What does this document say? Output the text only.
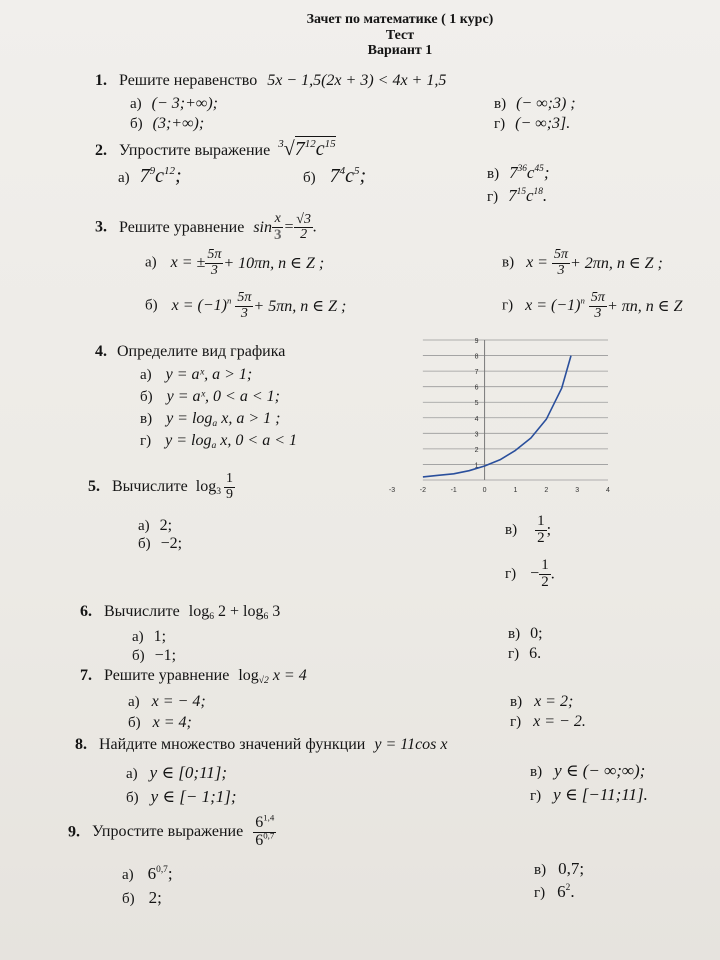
Зачет по математике ( 1 курс)
Тест
Вариант 1
1. Решите неравенство 5x − 1,5(2x + 3) < 4x + 1,5
а) (− 3;+∞);
б) (3;+∞);
в) (− ∞;3) ;
г) (− ∞;3].
2. Упростите выражение $^3√7^{12}c^{15}$
а) $7^9c^{12}$;	б) $7^4c^5$;	в) $7^{36}c^{45}$;
г) $7^{15}c^{18}$.
3. Решите уравнение $\sin \frac{x}{3} = \frac{√3}{2}$ .
а) x = ± $\frac{5\pi}{3} + 10\pi n$, n ∈ Z ;
б) $x = (-1)^n \frac{5\pi}{3} + 5\pi n$, n ∈ Z ;
в) $x = \frac{5\pi}{3} + 2\pi n$, n ∈ Z ;
г) $x = (-1)^n \frac{5\pi}{3} + \pi n$, n ∈ Z
4. Определите вид графика
а) y = aˣ, a > 1;
б) y = aˣ, 0 < a < 1;
в) $y = \log_a x$, a > 1 ;
г) $y = \log_a x$, 0 < a < 1
1
2
3
4
5
6
7
8
9
-3	-2	-1	0	1	2	3	4
5. Вычислите $\log_3 \frac{1}{9}$
а) 2;
б) −2;
$в) \frac{1}{2}$ ;
$г) - \frac{1}{2}$ .
6. Вычислите $\log_6 2 + \log_6 3$
а) 1;
б) −1;
в) 0;
г) 6.
7. Решите уравнение $\log_{√2} x = 4$
а) x = − 4;
б) x = 4;
в) x = 2;
г) x = − 2.
8. Найдите множество значений функции y = 11cos x
а) y ∈ [0;11];
б) y ∈ [− 1;1];
в) y ∈ (− ∞;∞);
г) y ∈ [−11;11].
9. Упростите выражение $\frac{6^{1,4}}{6^{0,7}}$
а) 6$^{0,7}$;
б) 2;
в) 0,7;
г) $6^2$.
